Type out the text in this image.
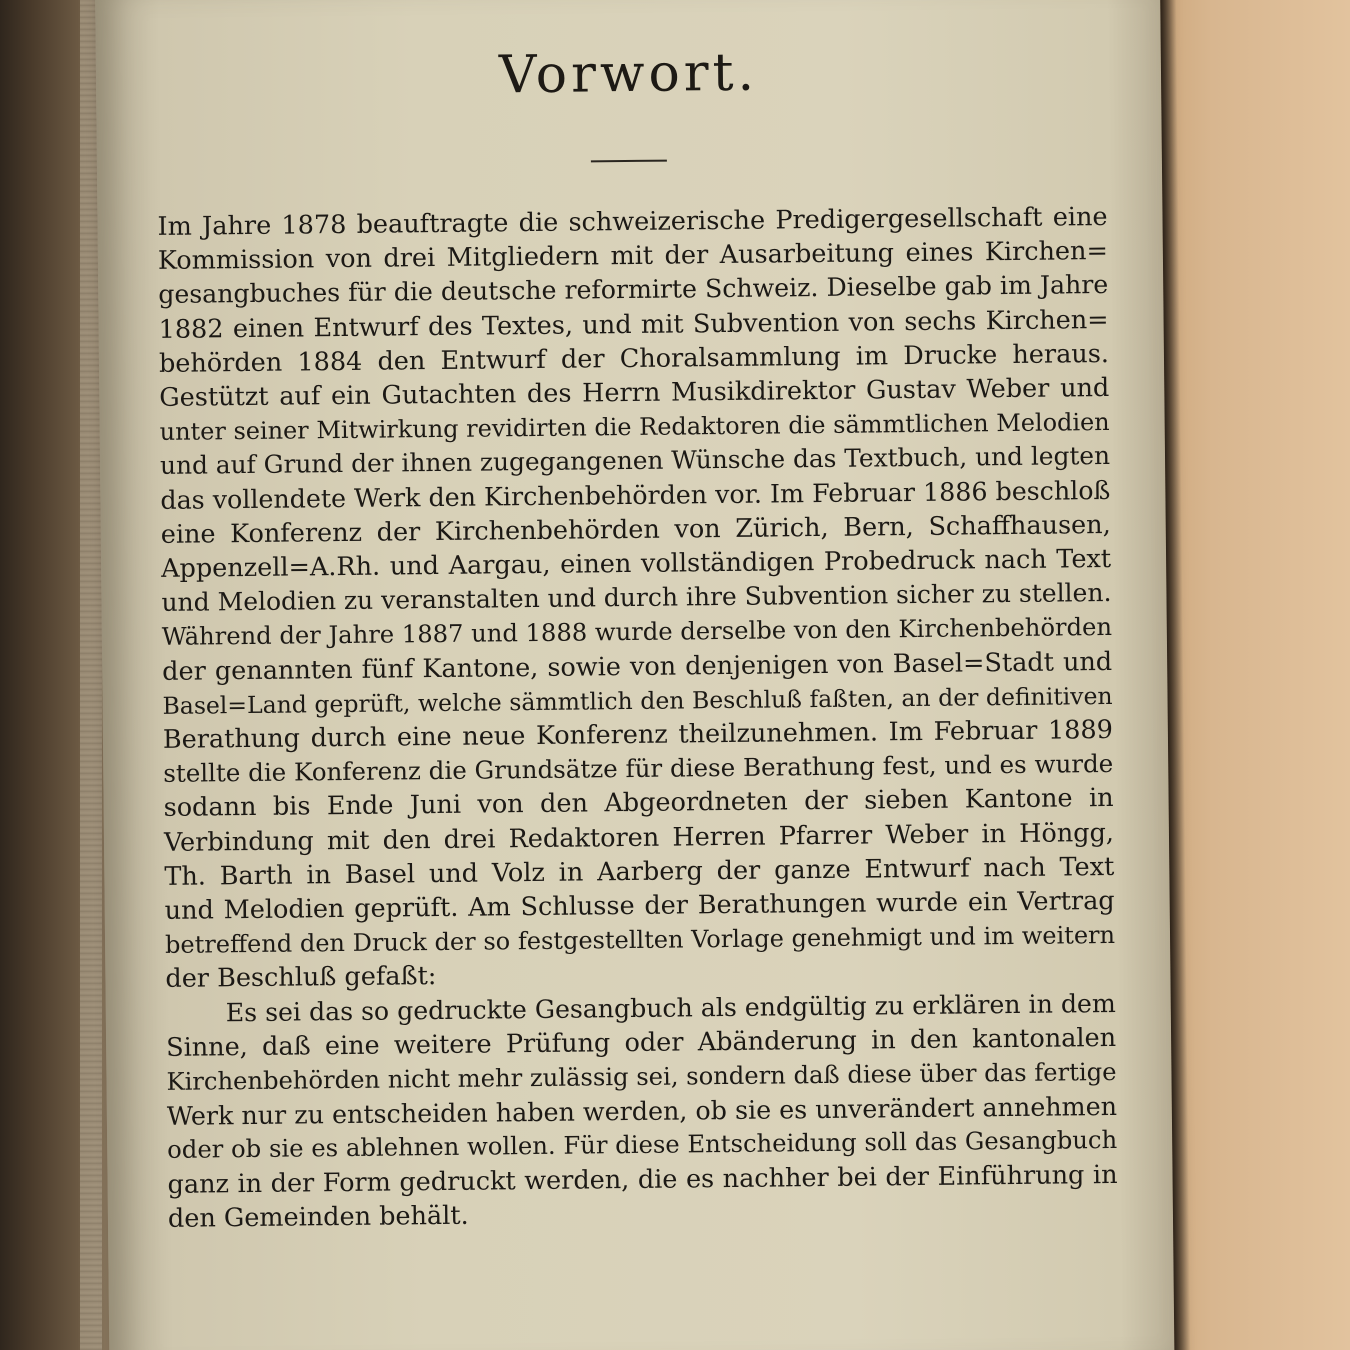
Vorwort.
Im Jahre 1878 beauftragte die schweizerische Predigergesellschaft eine
Kommission von drei Mitgliedern mit der Ausarbeitung eines Kirchen=
gesangbuches für die deutsche reformirte Schweiz. Dieselbe gab im Jahre
1882 einen Entwurf des Textes, und mit Subvention von sechs Kirchen=
behörden 1884 den Entwurf der Choralsammlung im Drucke heraus.
Gestützt auf ein Gutachten des Herrn Musikdirektor Gustav Weber und
unter seiner Mitwirkung revidirten die Redaktoren die sämmtlichen Melodien
und auf Grund der ihnen zugegangenen Wünsche das Textbuch, und legten
das vollendete Werk den Kirchenbehörden vor. Im Februar 1886 beschloß
eine Konferenz der Kirchenbehörden von Zürich, Bern, Schaffhausen,
Appenzell=A.Rh. und Aargau, einen vollständigen Probedruck nach Text
und Melodien zu veranstalten und durch ihre Subvention sicher zu stellen.
Während der Jahre 1887 und 1888 wurde derselbe von den Kirchenbehörden
der genannten fünf Kantone, sowie von denjenigen von Basel=Stadt und
Basel=Land geprüft, welche sämmtlich den Beschluß faßten, an der definitiven
Berathung durch eine neue Konferenz theilzunehmen. Im Februar 1889
stellte die Konferenz die Grundsätze für diese Berathung fest, und es wurde
sodann bis Ende Juni von den Abgeordneten der sieben Kantone in
Verbindung mit den drei Redaktoren Herren Pfarrer Weber in Höngg,
Th. Barth in Basel und Volz in Aarberg der ganze Entwurf nach Text
und Melodien geprüft. Am Schlusse der Berathungen wurde ein Vertrag
betreffend den Druck der so festgestellten Vorlage genehmigt und im weitern
der Beschluß gefaßt:
Es sei das so gedruckte Gesangbuch als endgültig zu erklären in dem
Sinne, daß eine weitere Prüfung oder Abänderung in den kantonalen
Kirchenbehörden nicht mehr zulässig sei, sondern daß diese über das fertige
Werk nur zu entscheiden haben werden, ob sie es unverändert annehmen
oder ob sie es ablehnen wollen. Für diese Entscheidung soll das Gesangbuch
ganz in der Form gedruckt werden, die es nachher bei der Einführung in
den Gemeinden behält.
